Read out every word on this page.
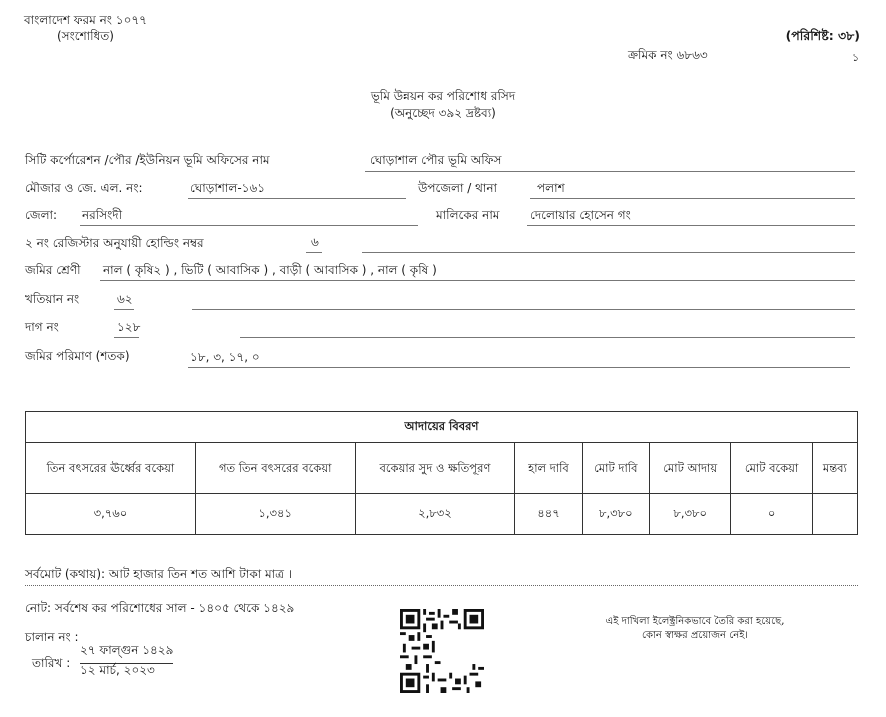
বাংলাদেশ ফরম নং ১০৭৭
(সংশোধিত)	(পরিশিষ্ট: ৩৮)
ক্রমিক নং ৬৮৬৩	১
ভূমি উন্নয়ন কর পরিশোধ রসিদ
(অনুচ্ছেদ ৩৯২ দ্রষ্টব্য)
সিটি কর্পোরেশন /পৌর /ইউনিয়ন ভূমি অফিসের নাম	ঘোড়াশাল পৌর ভূমি অফিস
মৌজার ও জে. এল. নং:	ঘোড়াশাল-১৬১	উপজেলা / থানা	পলাশ
জেলা: নরসিংদী	মালিকের নাম	দেলোয়ার হোসেন গং
২ নং রেজিস্টার অনুযায়ী হোল্ডিং নম্বর	৬
জমির শ্রেণী নাল ( কৃষি২ ) , ভিটি ( আবাসিক ) , বাড়ী ( আবাসিক ) , নাল ( কৃষি )
খতিয়ান নং	৬২
দাগ নং	১২৮
জমির পরিমাণ (শতক)	১৮, ৩, ১৭, ০
আদায়ের বিবরণ							
তিন বৎসরের ঊর্ধ্বের বকেয়া	গত তিন বৎসরের বকেয়া	বকেয়ার সুদ ও ক্ষতিপূরণ	হাল দাবি	মোট দাবি	মোট আদায়	মোট বকেয়া	মন্তব্য
৩,৭৬০	১,৩৪১	২,৮৩২	৪৪৭	৮,৩৮০	৮,৩৮০	০	
সর্বমোট (কথায়): আট হাজার তিন শত আশি টাকা মাত্র ।
নোট: সর্বশেষ কর পরিশোধের সাল - ১৪০৫ থেকে ১৪২৯
চালান নং :
তারিখ :
২৭ ফাল্গুন ১৪২৯
১২ মার্চ, ২০২৩
এই দাখিলা ইলেক্ট্রনিকভাবে তৈরি করা হয়েছে,
কোন স্বাক্ষর প্রয়োজন নেই।
